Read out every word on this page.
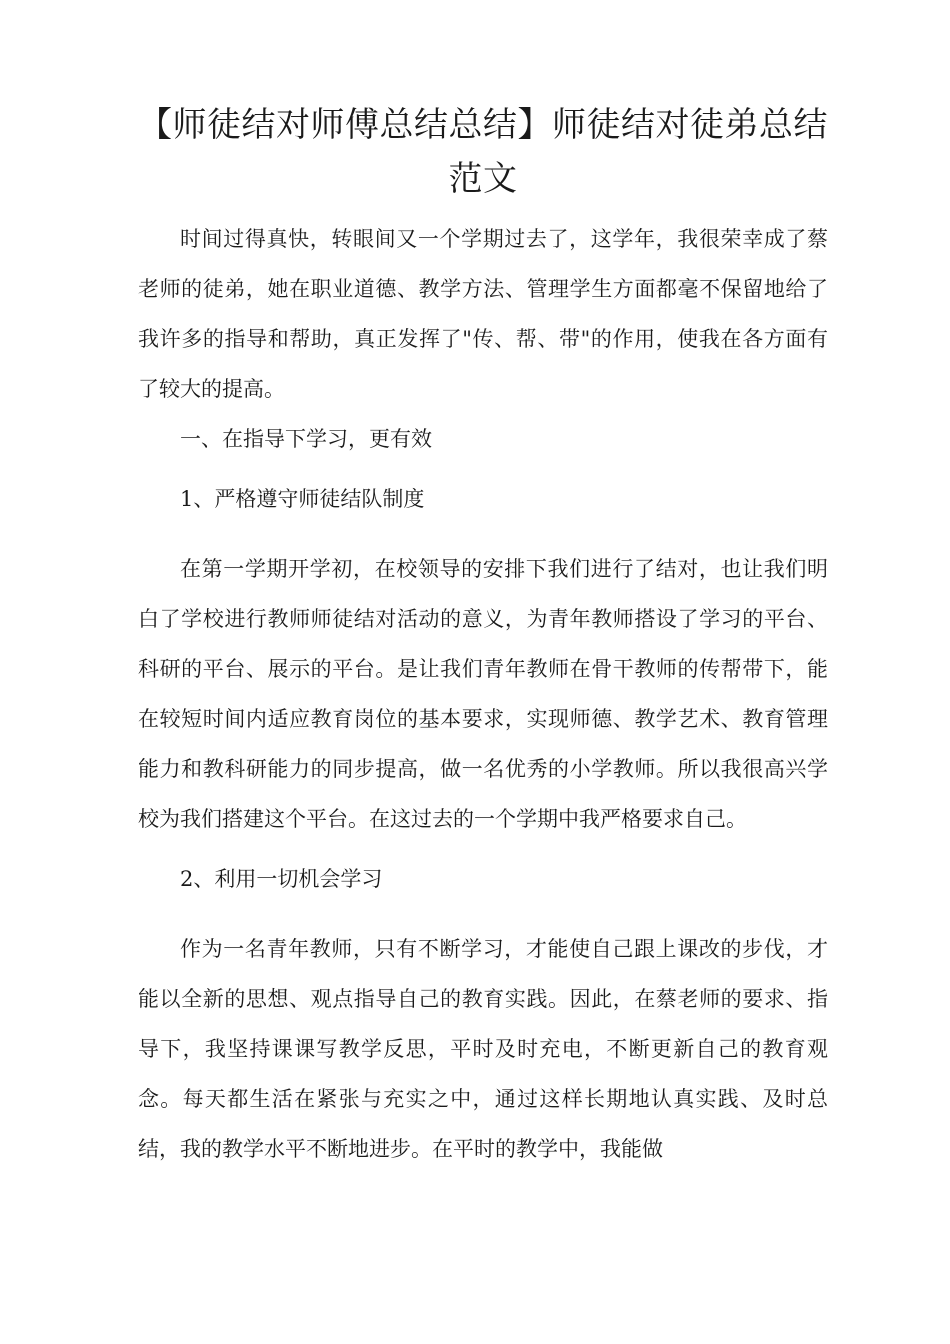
【师徒结对师傅总结总结】师徒结对徒弟总结范文

时间过得真快，转眼间又一个学期过去了，这学年，我很荣幸成了蔡老师的徒弟，她在职业道德、教学方法、管理学生方面都毫不保留地给了我许多的指导和帮助，真正发挥了"传、帮、带"的作用，使我在各方面有了较大的提高。

一、在指导下学习，更有效

1、严格遵守师徒结队制度

在第一学期开学初，在校领导的安排下我们进行了结对，也让我们明白了学校进行教师师徒结对活动的意义，为青年教师搭设了学习的平台、科研的平台、展示的平台。是让我们青年教师在骨干教师的传帮带下，能在较短时间内适应教育岗位的基本要求，实现师德、教学艺术、教育管理能力和教科研能力的同步提高，做一名优秀的小学教师。所以我很高兴学校为我们搭建这个平台。在这过去的一个学期中我严格要求自己。

2、利用一切机会学习

作为一名青年教师，只有不断学习，才能使自己跟上课改的步伐，才能以全新的思想、观点指导自己的教育实践。因此，在蔡老师的要求、指导下，我坚持课课写教学反思，平时及时充电，不断更新自己的教育观念。每天都生活在紧张与充实之中，通过这样长期地认真实践、及时总结，我的教学水平不断地进步。在平时的教学中，我能做
